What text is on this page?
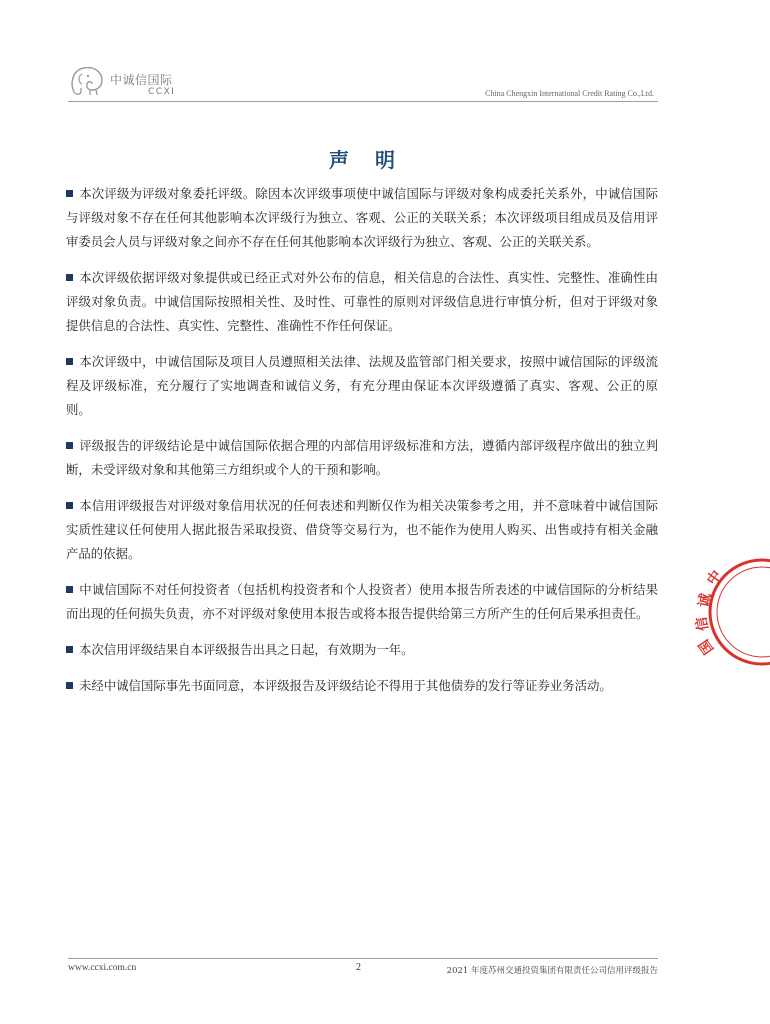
中诚信国际
CCXI	China Chengxin International Credit Rating Co.,Ltd.
声明

本次评级为评级对象委托评级。除因本次评级事项使中诚信国际与评级对象构成委托关系外，中诚信国际与评级对象不存在任何其他影响本次评级行为独立、客观、公正的关联关系；本次评级项目组成员及信用评审委员会人员与评级对象之间亦不存在任何其他影响本次评级行为独立、客观、公正的关联关系。

本次评级依据评级对象提供或已经正式对外公布的信息，相关信息的合法性、真实性、完整性、准确性由评级对象负责。中诚信国际按照相关性、及时性、可靠性的原则对评级信息进行审慎分析，但对于评级对象提供信息的合法性、真实性、完整性、准确性不作任何保证。

本次评级中，中诚信国际及项目人员遵照相关法律、法规及监管部门相关要求，按照中诚信国际的评级流程及评级标准，充分履行了实地调查和诚信义务，有充分理由保证本次评级遵循了真实、客观、公正的原则。

评级报告的评级结论是中诚信国际依据合理的内部信用评级标准和方法，遵循内部评级程序做出的独立判断，未受评级对象和其他第三方组织或个人的干预和影响。

本信用评级报告对评级对象信用状况的任何表述和判断仅作为相关决策参考之用，并不意味着中诚信国际实质性建议任何使用人据此报告采取投资、借贷等交易行为，也不能作为使用人购买、出售或持有相关金融产品的依据。

中诚信国际不对任何投资者（包括机构投资者和个人投资者）使用本报告所表述的中诚信国际的分析结果而出现的任何损失负责，亦不对评级对象使用本报告或将本报告提供给第三方所产生的任何后果承担责任。

本次信用评级结果自本评级报告出具之日起，有效期为一年。

未经中诚信国际事先书面同意，本评级报告及评级结论不得用于其他债券的发行等证券业务活动。

中
诚
信
国
www.ccxi.com.cn	2	2021 年度苏州交通投资集团有限责任公司信用评级报告
